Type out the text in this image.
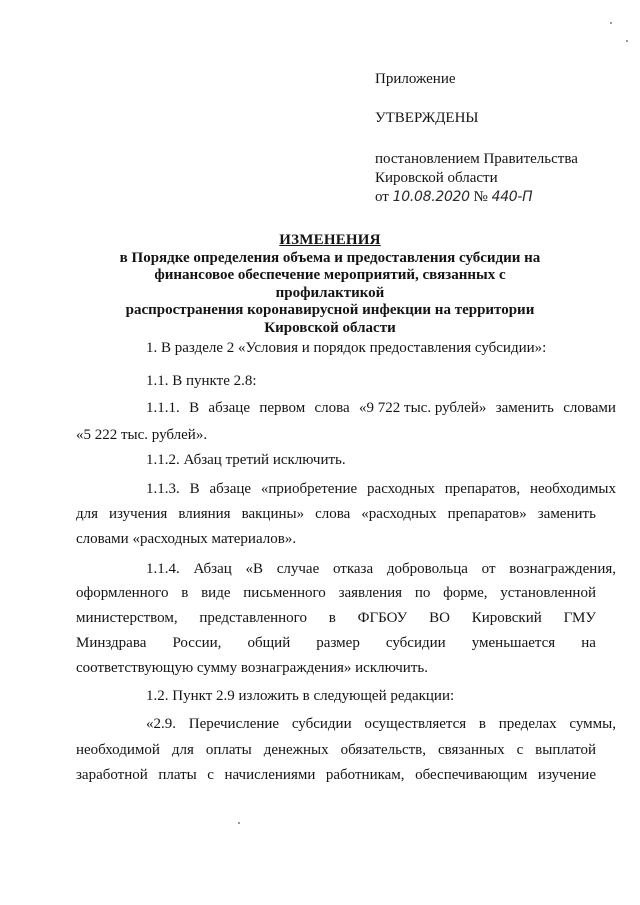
Приложение
УТВЕРЖДЕНЫ
постановлением Правительства
Кировской области
от 10.08.2020 № 440-П
ИЗМЕНЕНИЯ
в Порядке определения объема и предоставления субсидии на
финансовое обеспечение мероприятий, связанных с профилактикой
распространения коронавирусной инфекции на территории
Кировской области
1. В разделе 2 «Условия и порядок предоставления субсидии»:
1.1. В пункте 2.8:
1.1.1. В абзаце первом слова «9 722 тыс. рублей» заменить словами
«5 222 тыс. рублей».
1.1.2. Абзац третий исключить.
1.1.3. В абзаце «приобретение расходных препаратов, необходимых
для изучения влияния вакцины» слова «расходных препаратов» заменить
словами «расходных материалов».
1.1.4. Абзац «В случае отказа добровольца от вознаграждения,
оформленного в виде письменного заявления по форме, установленной
министерством, представленного в ФГБОУ ВО Кировский ГМУ
Минздрава России, общий размер субсидии уменьшается на
соответствующую сумму вознаграждения» исключить.
1.2. Пункт 2.9 изложить в следующей редакции:
«2.9. Перечисление субсидии осуществляется в пределах суммы,
необходимой для оплаты денежных обязательств, связанных с выплатой
заработной платы с начислениями работникам, обеспечивающим изучение
